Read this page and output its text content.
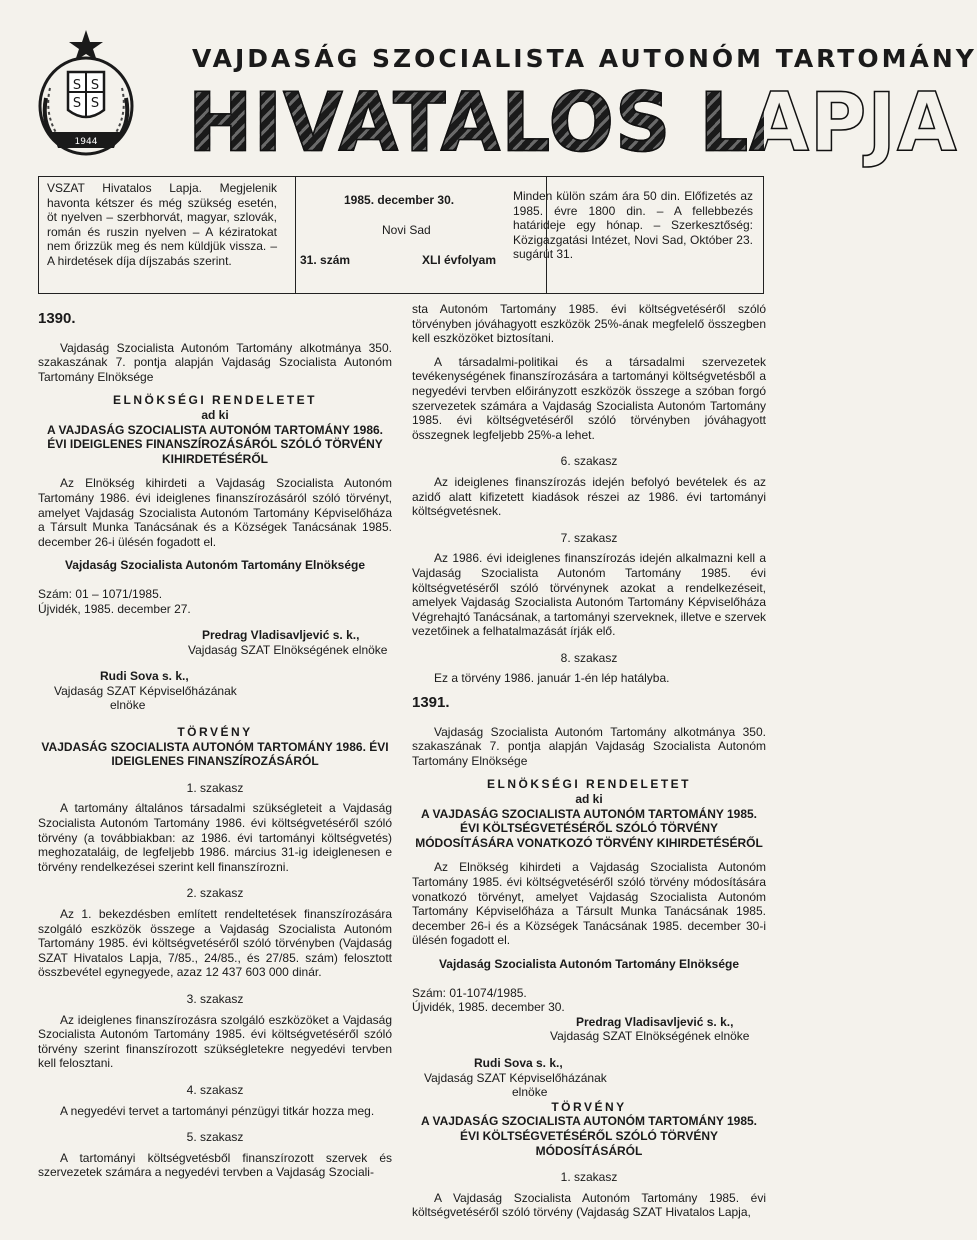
S S
S S
1944
VAJDASÁG SZOCIALISTA AUTONÓM TARTOMÁNY
HIVATALOS LAPJA
VSZAT Hivatalos Lapja. Megjelenik havonta kétszer és még szükség esetén, öt nyelven – szerbhorvát, magyar, szlovák, román és ruszin nyelven – A kéziratokat nem őrizzük meg és nem küldjük vissza. – A hirdetések díja díjszabás szerint.
1985. december 30.
Novi Sad
31. szám	XLI évfolyam
Minden külön szám ára 50 din. Előfizetés az 1985. évre 1800 din. – A fellebbezés határideje egy hónap. – Szerkesztőség: Közigazgatási Intézet, Novi Sad, Október 23. sugárút 31.
1390.

Vajdaság Szocialista Autonóm Tartomány alkotmánya 350. szakaszának 7. pontja alapján Vajdaság Szocialista Autonóm Tartomány Elnöksége

ELNÖKSÉGI RENDELETET
ad ki
A VAJDASÁG SZOCIALISTA AUTONÓM TARTOMÁNY 1986. ÉVI IDEIGLENES FINANSZÍROZÁSÁRÓL SZÓLÓ TÖRVÉNY KIHIRDETÉSÉRŐL

Az Elnökség kihirdeti a Vajdaság Szocialista Autonóm Tartomány 1986. évi ideiglenes finanszírozásáról szóló törvényt, amelyet Vajdaság Szocialista Autonóm Tartomány Képviselőháza a Társult Munka Tanácsának és a Községek Tanácsának 1985. december 26-i ülésén fogadott el.

Vajdaság Szocialista Autonóm Tartomány Elnöksége
Szám: 01 – 1071/1985.
Újvidék, 1985. december 27.
Predrag Vladisavljević s. k.,
Vajdaság SZAT Elnökségének elnöke
Rudi Sova s. k.,
Vajdaság SZAT Képviselőházának
elnöke
TÖRVÉNY
VAJDASÁG SZOCIALISTA AUTONÓM TARTOMÁNY 1986. ÉVI IDEIGLENES FINANSZÍROZÁSÁRÓL
1. szakasz

A tartomány általános társadalmi szükségleteit a Vajdaság Szocialista Autonóm Tartomány 1986. évi költségvetéséről szóló törvény (a továbbiakban: az 1986. évi tartományi költségvetés) meghozataláig, de legfeljebb 1986. március 31-ig ideiglenesen e törvény rendelkezései szerint kell finanszírozni.

2. szakasz

Az 1. bekezdésben említett rendeltetések finanszírozására szolgáló eszközök összege a Vajdaság Szocialista Autonóm Tartomány 1985. évi költségvetéséről szóló törvényben (Vajdaság SZAT Hivatalos Lapja, 7/85., 24/85., és 27/85. szám) felosztott összbevétel egynegyede, azaz 12 437 603 000 dinár.

3. szakasz

Az ideiglenes finanszírozásra szolgáló eszközöket a Vajdaság Szocialista Autonóm Tartomány 1985. évi költségvetéséről szóló törvény szerint finanszírozott szükségletekre negyedévi tervben kell felosztani.

4. szakasz

A negyedévi tervet a tartományi pénzügyi titkár hozza meg.

5. szakasz

A tartományi költségvetésből finanszírozott szervek és szervezetek számára a negyedévi tervben a Vajdaság Szociali-

sta Autonóm Tartomány 1985. évi költségvetéséről szóló törvényben jóváhagyott eszközök 25%-ának megfelelő összegben kell eszközöket biztosítani.

A társadalmi-politikai és a társadalmi szervezetek tevékenységének finanszírozására a tartományi költségvetésből a negyedévi tervben előirányzott eszközök összege a szóban forgó szervezetek számára a Vajdaság Szocialista Autonóm Tartomány 1985. évi költségvetéséről szóló törvényben jóváhagyott összegnek legfeljebb 25%-a lehet.

6. szakasz

Az ideiglenes finanszírozás idején befolyó bevételek és az azidő alatt kifizetett kiadások részei az 1986. évi tartományi költségvetésnek.

7. szakasz

Az 1986. évi ideiglenes finanszírozás idején alkalmazni kell a Vajdaság Szocialista Autonóm Tartomány 1985. évi költségvetéséről szóló törvénynek azokat a rendelkezéseit, amelyek Vajdaság Szocialista Autonóm Tartomány Képviselőháza Végrehajtó Tanácsának, a tartományi szerveknek, illetve e szervek vezetőinek a felhatalmazását írják elő.

8. szakasz

Ez a törvény 1986. január 1-én lép hatályba.

1391.

Vajdaság Szocialista Autonóm Tartomány alkotmánya 350. szakaszának 7. pontja alapján Vajdaság Szocialista Autonóm Tartomány Elnöksége

ELNÖKSÉGI RENDELETET
ad ki
A VAJDASÁG SZOCIALISTA AUTONÓM TARTOMÁNY 1985. ÉVI KÖLTSÉGVETÉSÉRŐL SZÓLÓ TÖRVÉNY MÓDOSÍTÁSÁRA VONATKOZÓ TÖRVÉNY KIHIRDETÉSÉRŐL

Az Elnökség kihirdeti a Vajdaság Szocialista Autonóm Tartomány 1985. évi költségvetéséről szóló törvény módosítására vonatkozó törvényt, amelyet Vajdaság Szocialista Autonóm Tartomány Képviselőháza a Társult Munka Tanácsának 1985. december 26-i és a Községek Tanácsának 1985. december 30-i ülésén fogadott el.

Vajdaság Szocialista Autonóm Tartomány Elnöksége
Szám: 01-1074/1985.
Újvidék, 1985. december 30.
Predrag Vladisavljević s. k.,
Vajdaság SZAT Elnökségének elnöke
Rudi Sova s. k.,
Vajdaság SZAT Képviselőházának
elnöke
TÖRVÉNY
A VAJDASÁG SZOCIALISTA AUTONÓM TARTOMÁNY 1985. ÉVI KÖLTSÉGVETÉSÉRŐL SZÓLÓ TÖRVÉNY MÓDOSÍTÁSÁRÓL
1. szakasz

A Vajdaság Szocialista Autonóm Tartomány 1985. évi költségvetéséről szóló törvény (Vajdaság SZAT Hivatalos Lapja,
